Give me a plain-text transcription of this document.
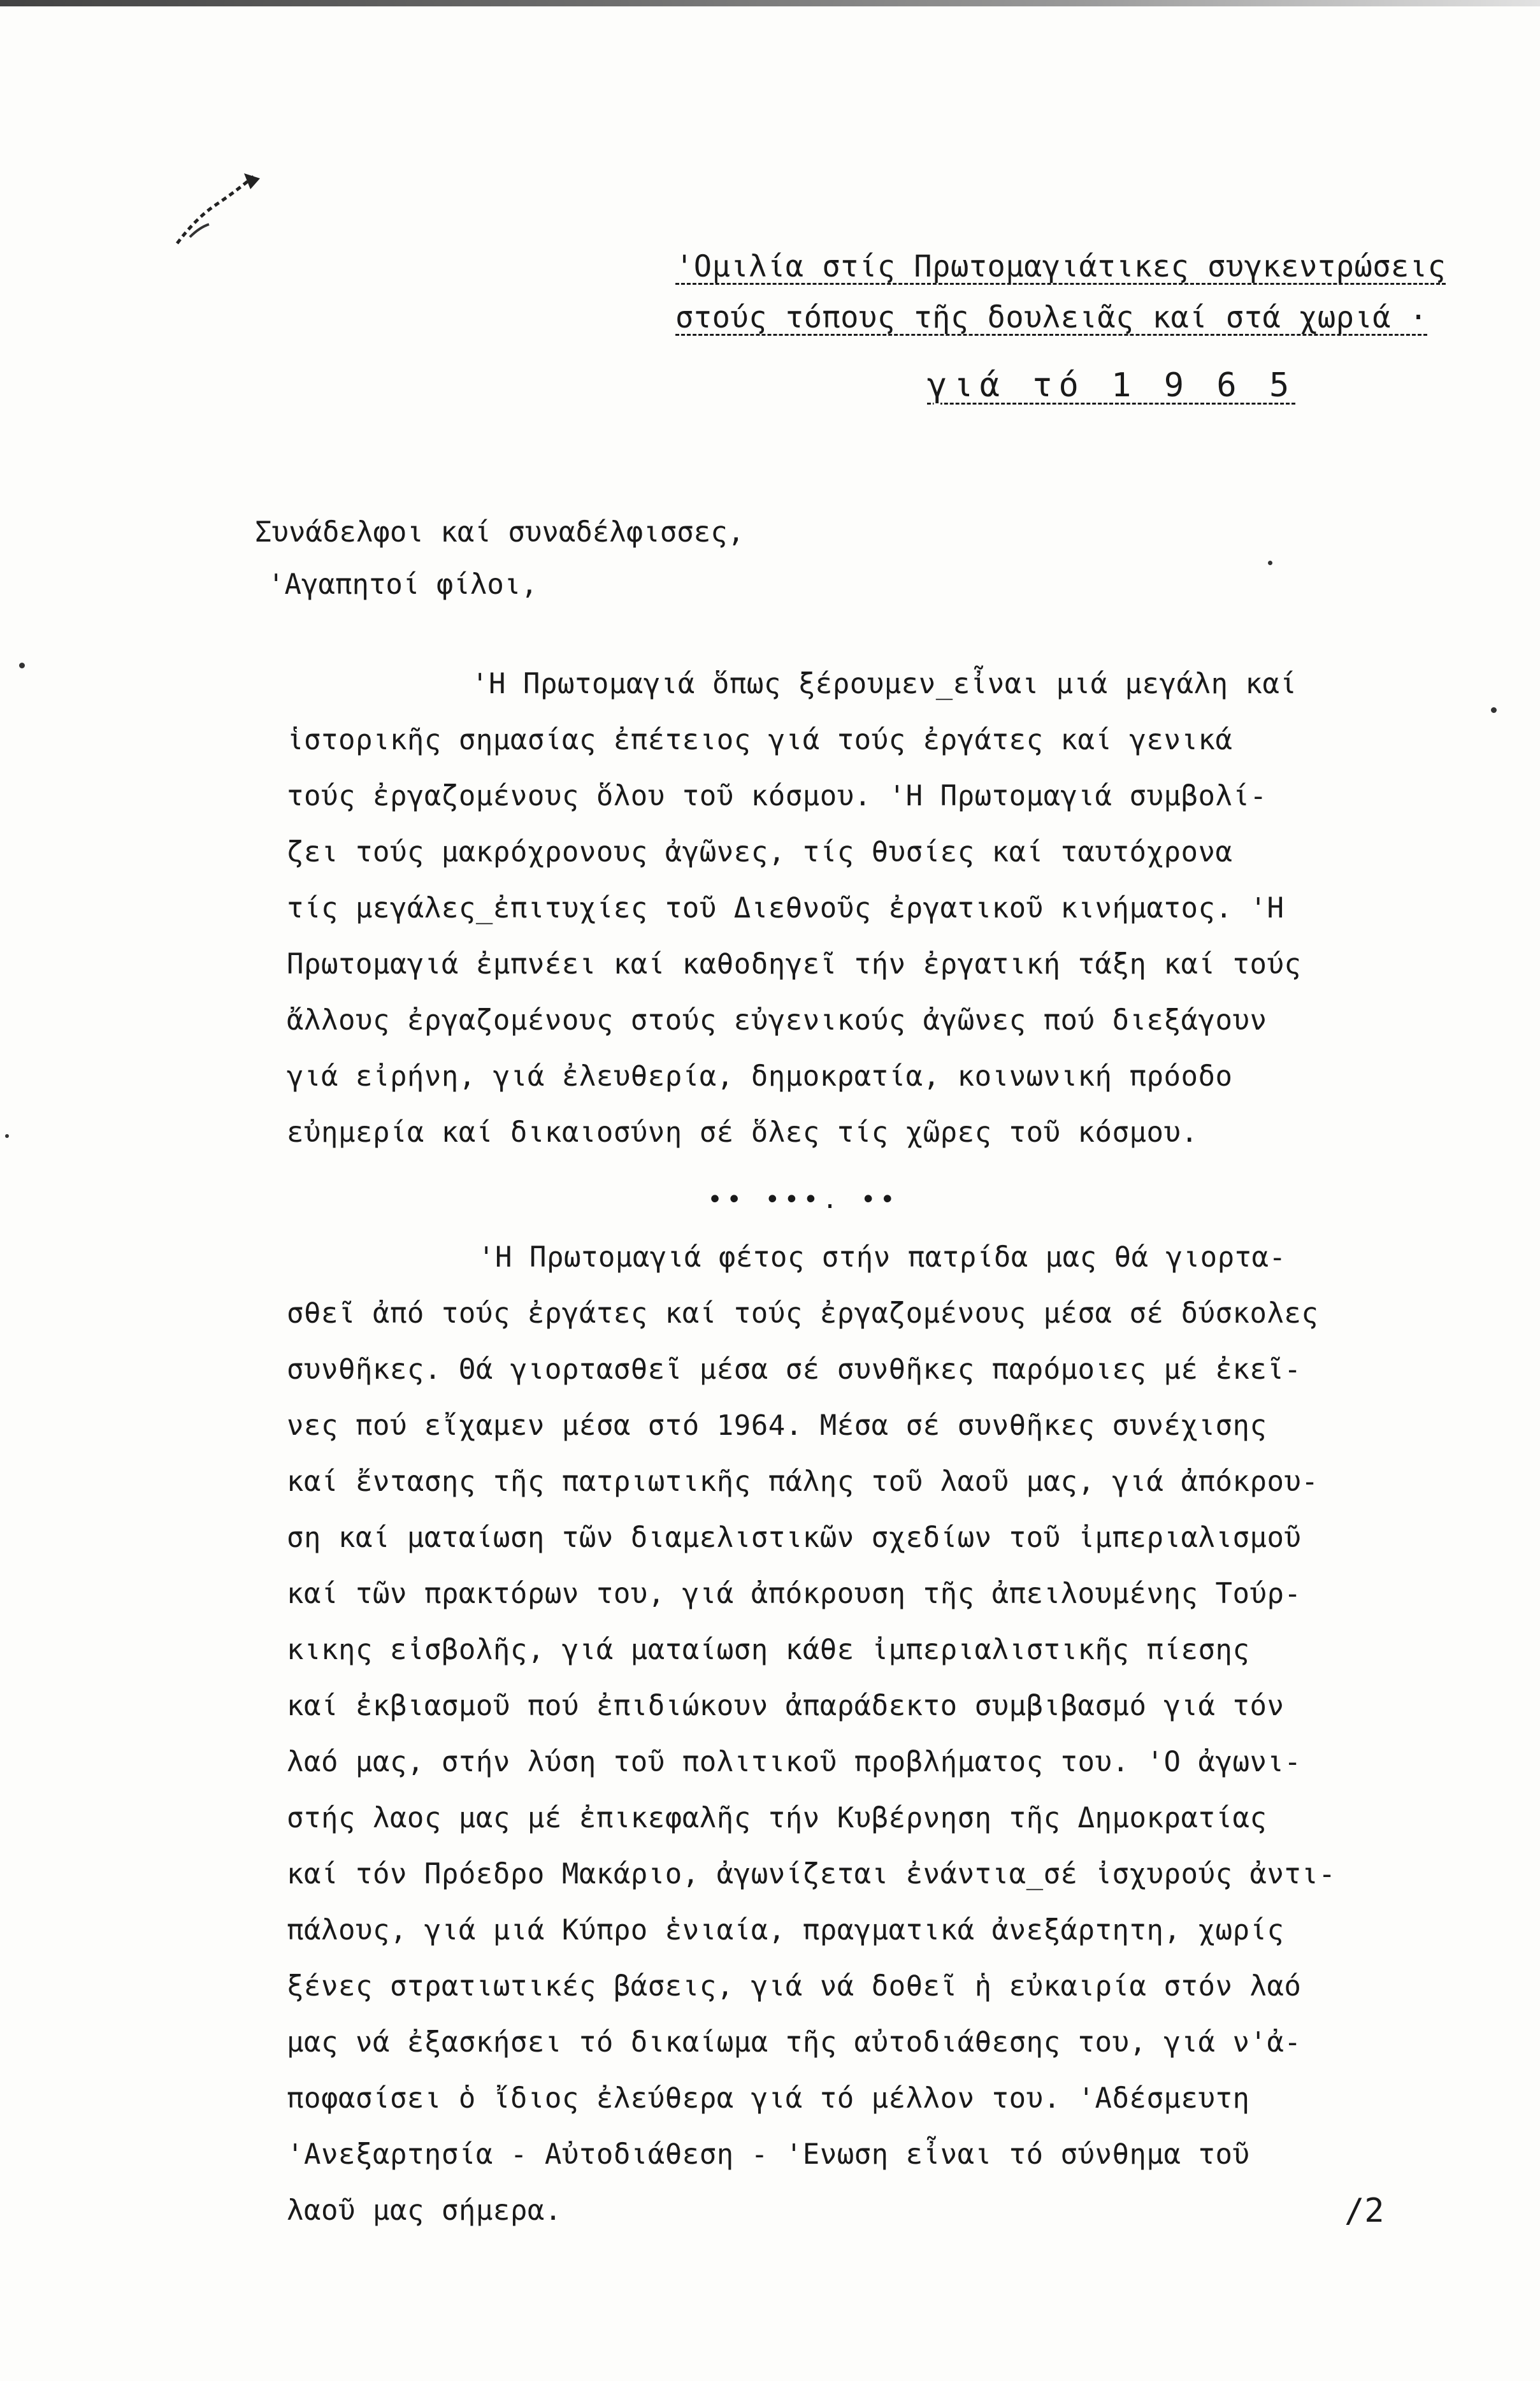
'Ομιλία στίς Πρωτομαγιάτικες συγκεντρώσεις
στούς τόπους τῆς δουλειᾶς καί στά χωριά ·
γιά τό 1 9 6 5
Συνάδελφοι καί συναδέλφισσες,
'Αγαπητοί φίλοι,
'Η Πρωτομαγιά ὅπως ξέρουμεν_εἶναι μιά μεγάλη καί
ἱστορικῆς σημασίας ἐπέτειος γιά τούς ἐργάτες καί γενικά
τούς ἐργαζομένους ὅλου τοῦ κόσμου. 'Η Πρωτομαγιά συμβολί-
ζει τούς μακρόχρονους ἀγῶνες, τίς θυσίες καί ταυτόχρονα
τίς μεγάλες_ἐπιτυχίες τοῦ Διεθνοῦς ἐργατικοῦ κινήματος. 'Η
Πρωτομαγιά ἐμπνέει καί καθοδηγεῖ τήν ἐργατική τάξη καί τούς
ἄλλους ἐργαζομένους στούς εὐγενικούς ἀγῶνες πού διεξάγουν
γιά εἰρήνη, γιά ἐλευθερία, δημοκρατία, κοινωνική πρόοδο
εὐημερία καί δικαιοσύνη σέ ὅλες τίς χῶρες τοῦ κόσμου.
•• •••. ••
'Η Πρωτομαγιά φέτος στήν πατρίδα μας θά γιορτα-
σθεῖ ἀπό τούς ἐργάτες καί τούς ἐργαζομένους μέσα σέ δύσκολες
συνθῆκες. Θά γιορτασθεῖ μέσα σέ συνθῆκες παρόμοιες μέ ἐκεῖ-
νες πού εἴχαμεν μέσα στό 1964. Μέσα σέ συνθῆκες συνέχισης
καί ἔντασης τῆς πατριωτικῆς πάλης τοῦ λαοῦ μας, γιά ἀπόκρου-
ση καί ματαίωση τῶν διαμελιστικῶν σχεδίων τοῦ ἰμπεριαλισμοῦ
καί τῶν πρακτόρων του, γιά ἀπόκρουση τῆς ἀπειλουμένης Τούρ-
κικης εἰσβολῆς, γιά ματαίωση κάθε ἰμπεριαλιστικῆς πίεσης
καί ἐκβιασμοῦ πού ἐπιδιώκουν ἀπαράδεκτο συμβιβασμό γιά τόν
λαό μας, στήν λύση τοῦ πολιτικοῦ προβλήματος του. 'Ο ἀγωνι-
στής λαος μας μέ ἐπικεφαλῆς τήν Κυβέρνηση τῆς Δημοκρατίας
καί τόν Πρόεδρο Μακάριο, ἀγωνίζεται ἐνάντια_σέ ἰσχυρούς ἀντι-
πάλους, γιά μιά Κύπρο ἑνιαία, πραγματικά ἀνεξάρτητη, χωρίς
ξένες στρατιωτικές βάσεις, γιά νά δοθεῖ ἡ εὐκαιρία στόν λαό
μας νά ἐξασκήσει τό δικαίωμα τῆς αὐτοδιάθεσης του, γιά ν'ἀ-
ποφασίσει ὁ ἴδιος ἐλεύθερα γιά τό μέλλον του. 'Αδέσμευτη
'Ανεξαρτησία - Αὐτοδιάθεση - 'Ενωση εἶναι τό σύνθημα τοῦ
λαοῦ μας σήμερα.	/2
